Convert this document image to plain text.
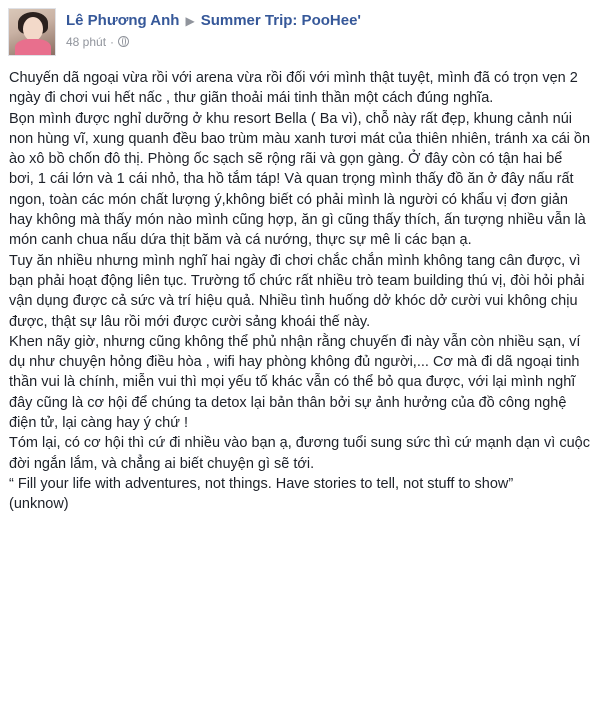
Lê Phương Anh ▶ Summer Trip: PooHee'
48 phút ·
Chuyến dã ngoại vừa rồi với arena vừa rồi đối với mình thật tuyệt, mình đã có trọn vẹn 2 ngày đi chơi vui hết nấc , thư giãn thoải mái tinh thần một cách đúng nghĩa.
Bọn mình được nghỉ dưỡng ở khu resort Bella ( Ba vì), chỗ này rất đẹp, khung cảnh núi non hùng vĩ, xung quanh đều bao trùm màu xanh tươi mát của thiên nhiên, tránh xa cái ồn ào xô bồ chốn đô thị. Phòng ốc sạch sẽ rộng rãi và gọn gàng. Ở đây còn có tận hai bể bơi, 1 cái lớn và 1 cái nhỏ, tha hồ tắm táp! Và quan trọng mình thấy đồ ăn ở đây nấu rất ngon, toàn các món chất lượng ý,không biết có phải mình là người có khẩu vị đơn giản hay không mà thấy món nào mình cũng hợp, ăn gì cũng thấy thích, ấn tượng nhiều vẫn là món canh chua nấu dứa thịt băm và cá nướng, thực sự mê li các bạn ạ.
Tuy ăn nhiều nhưng mình nghĩ hai ngày đi chơi chắc chắn mình không tang cân được, vì bạn phải hoạt động liên tục. Trường tổ chức rất nhiều trò team building thú vị, đòi hỏi phải vận dụng được cả sức và trí hiệu quả. Nhiều tình huống dở khóc dở cười vui không chịu được, thật sự lâu rồi mới được cười sảng khoái thế này.
Khen nãy giờ, nhưng cũng không thể phủ nhận rằng chuyến đi này vẫn còn nhiều sạn, ví dụ như chuyện hỏng điều hòa , wifi hay phòng không đủ người,... Cơ mà đi dã ngoại tinh thần vui là chính, miễn vui thì mọi yếu tố khác vẫn có thể bỏ qua được, với lại mình nghĩ đây cũng là cơ hội để chúng ta detox lại bản thân bởi sự ảnh hưởng của đồ công nghệ điện tử, lại càng hay ý chứ !
Tóm lại, có cơ hội thì cứ đi nhiều vào bạn ạ, đương tuổi sung sức thì cứ mạnh dạn vì cuộc đời ngắn lắm, và chẳng ai biết chuyện gì sẽ tới.
“ Fill your life with adventures, not things. Have stories to tell, not stuff to show”
(unknow)
